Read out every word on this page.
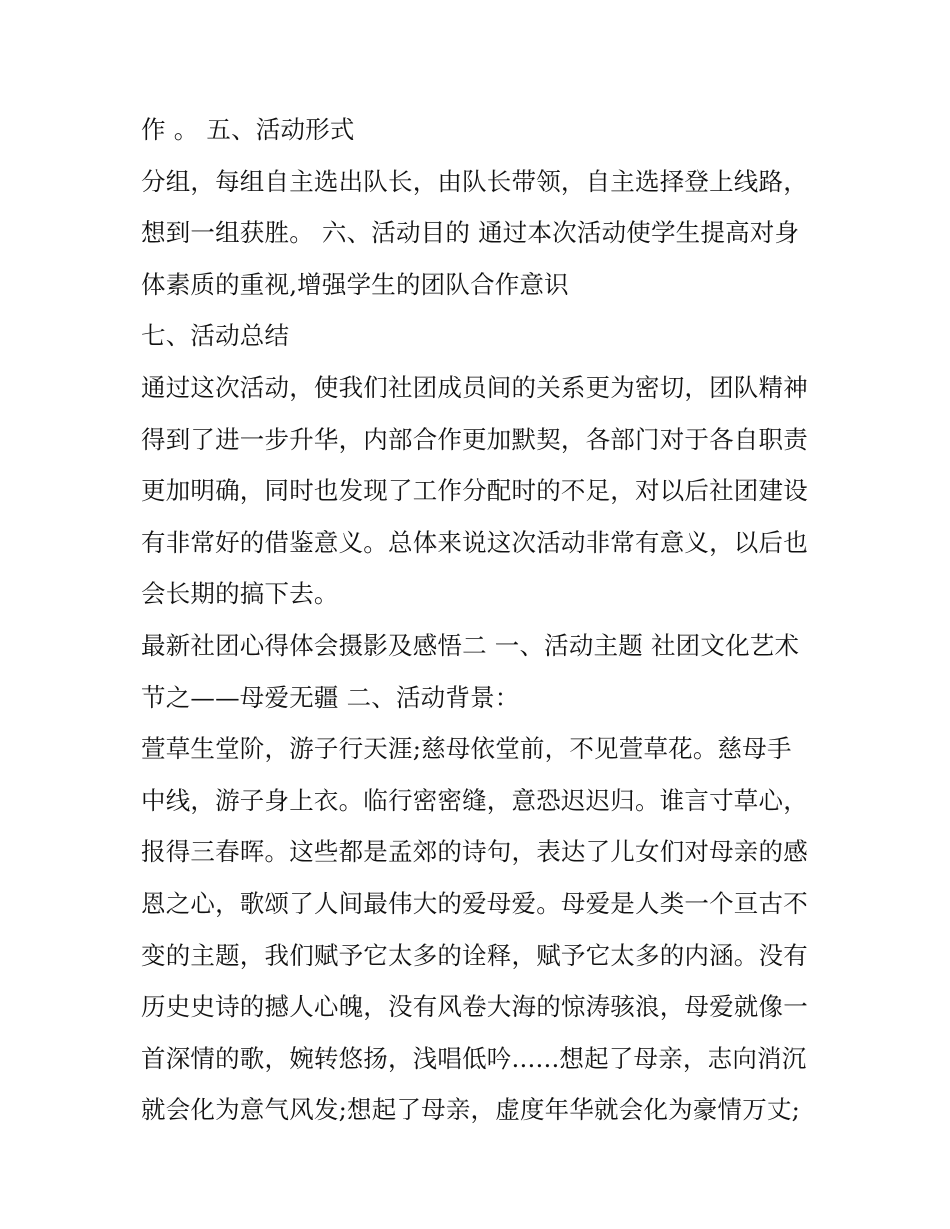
作 。 五、活动形式
分组，每组自主选出队长，由队长带领，自主选择登上线路，
想到一组获胜。 六、活动目的 通过本次活动使学生提高对身
体素质的重视,增强学生的团队合作意识
七、活动总结
通过这次活动，使我们社团成员间的关系更为密切，团队精神
得到了进一步升华，内部合作更加默契，各部门对于各自职责
更加明确，同时也发现了工作分配时的不足，对以后社团建设
有非常好的借鉴意义。总体来说这次活动非常有意义，以后也
会长期的搞下去。
最新社团心得体会摄影及感悟二 一、活动主题 社团文化艺术
节之——母爱无疆 二、活动背景：
萱草生堂阶，游子行天涯;慈母依堂前，不见萱草花。慈母手
中线，游子身上衣。临行密密缝，意恐迟迟归。谁言寸草心，
报得三春晖。这些都是孟郊的诗句，表达了儿女们对母亲的感
恩之心，歌颂了人间最伟大的爱母爱。母爱是人类一个亘古不
变的主题，我们赋予它太多的诠释，赋予它太多的内涵。没有
历史史诗的撼人心魄，没有风卷大海的惊涛骇浪，母爱就像一
首深情的歌，婉转悠扬，浅唱低吟......想起了母亲，志向消沉
就会化为意气风发;想起了母亲，虚度年华就会化为豪情万丈;
